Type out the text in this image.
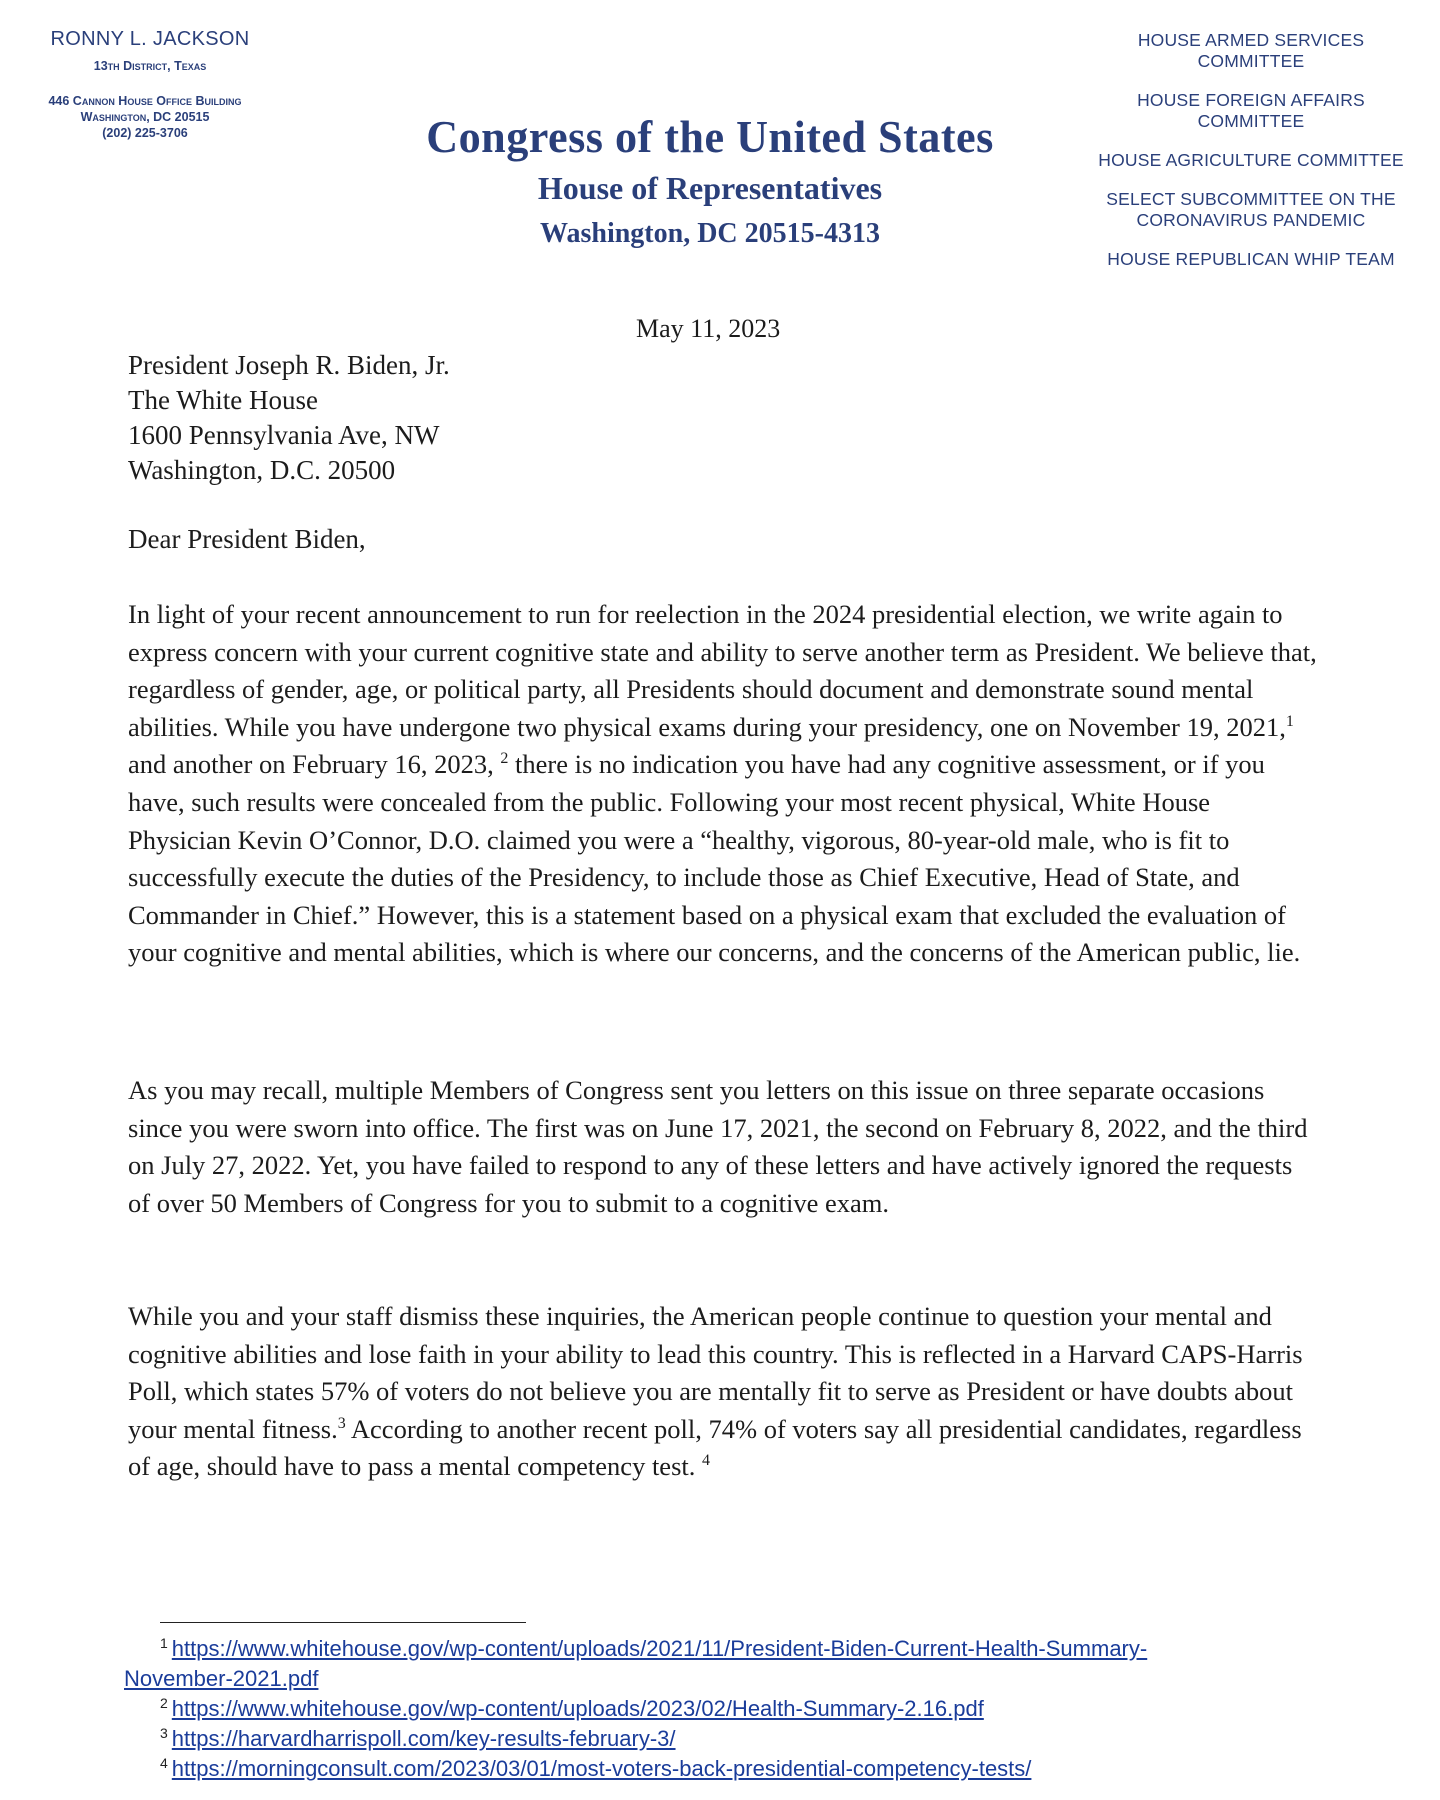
RONNY L. JACKSON
13th District, Texas
446 Cannon House Office Building
Washington, DC 20515
(202) 225-3706	Congress of the United States
House of Representatives
Washington, DC 20515-4313
HOUSE ARMED SERVICES COMMITTEE
HOUSE FOREIGN AFFAIRS COMMITTEE
HOUSE AGRICULTURE COMMITTEE
SELECT SUBCOMMITTEE ON THE CORONAVIRUS PANDEMIC
HOUSE REPUBLICAN WHIP TEAM
May 11, 2023
President Joseph R. Biden, Jr.
The White House
1600 Pennsylvania Ave, NW
Washington, D.C. 20500
Dear President Biden,
In light of your recent announcement to run for reelection in the 2024 presidential election, we write again to express concern with your current cognitive state and ability to serve another term as President. We believe that, regardless of gender, age, or political party, all Presidents should document and demonstrate sound mental abilities. While you have undergone two physical exams during your presidency, one on November 19, 2021,$^1$ and another on February 16, 2023, $^2$ there is no indication you have had any cognitive assessment, or if you have, such results were concealed from the public. Following your most recent physical, White House Physician Kevin O’Connor, D.O. claimed you were a “healthy, vigorous, 80-year-old male, who is fit to successfully execute the duties of the Presidency, to include those as Chief Executive, Head of State, and Commander in Chief.” However, this is a statement based on a physical exam that excluded the evaluation of your cognitive and mental abilities, which is where our concerns, and the concerns of the American public, lie.
As you may recall, multiple Members of Congress sent you letters on this issue on three separate occasions since you were sworn into office. The first was on June 17, 2021, the second on February 8, 2022, and the third on July 27, 2022. Yet, you have failed to respond to any of these letters and have actively ignored the requests of over 50 Members of Congress for you to submit to a cognitive exam.
While you and your staff dismiss these inquiries, the American people continue to question your mental and cognitive abilities and lose faith in your ability to lead this country. This is reflected in a Harvard CAPS-Harris Poll, which states 57% of voters do not believe you are mentally fit to serve as President or have doubts about your mental fitness.$^3$ According to another recent poll, 74% of voters say all presidential candidates, regardless of age, should have to pass a mental competency test. $^4$
$^1$ https://www.whitehouse.gov/wp-content/uploads/2021/11/President-Biden-Current-Health-Summary-
November-2021.pdf
$^2$ https://www.whitehouse.gov/wp-content/uploads/2023/02/Health-Summary-2.16.pdf
$^3$ https://harvardharrispoll.com/key-results-february-3/
$^4$ https://morningconsult.com/2023/03/01/most-voters-back-presidential-competency-tests/
